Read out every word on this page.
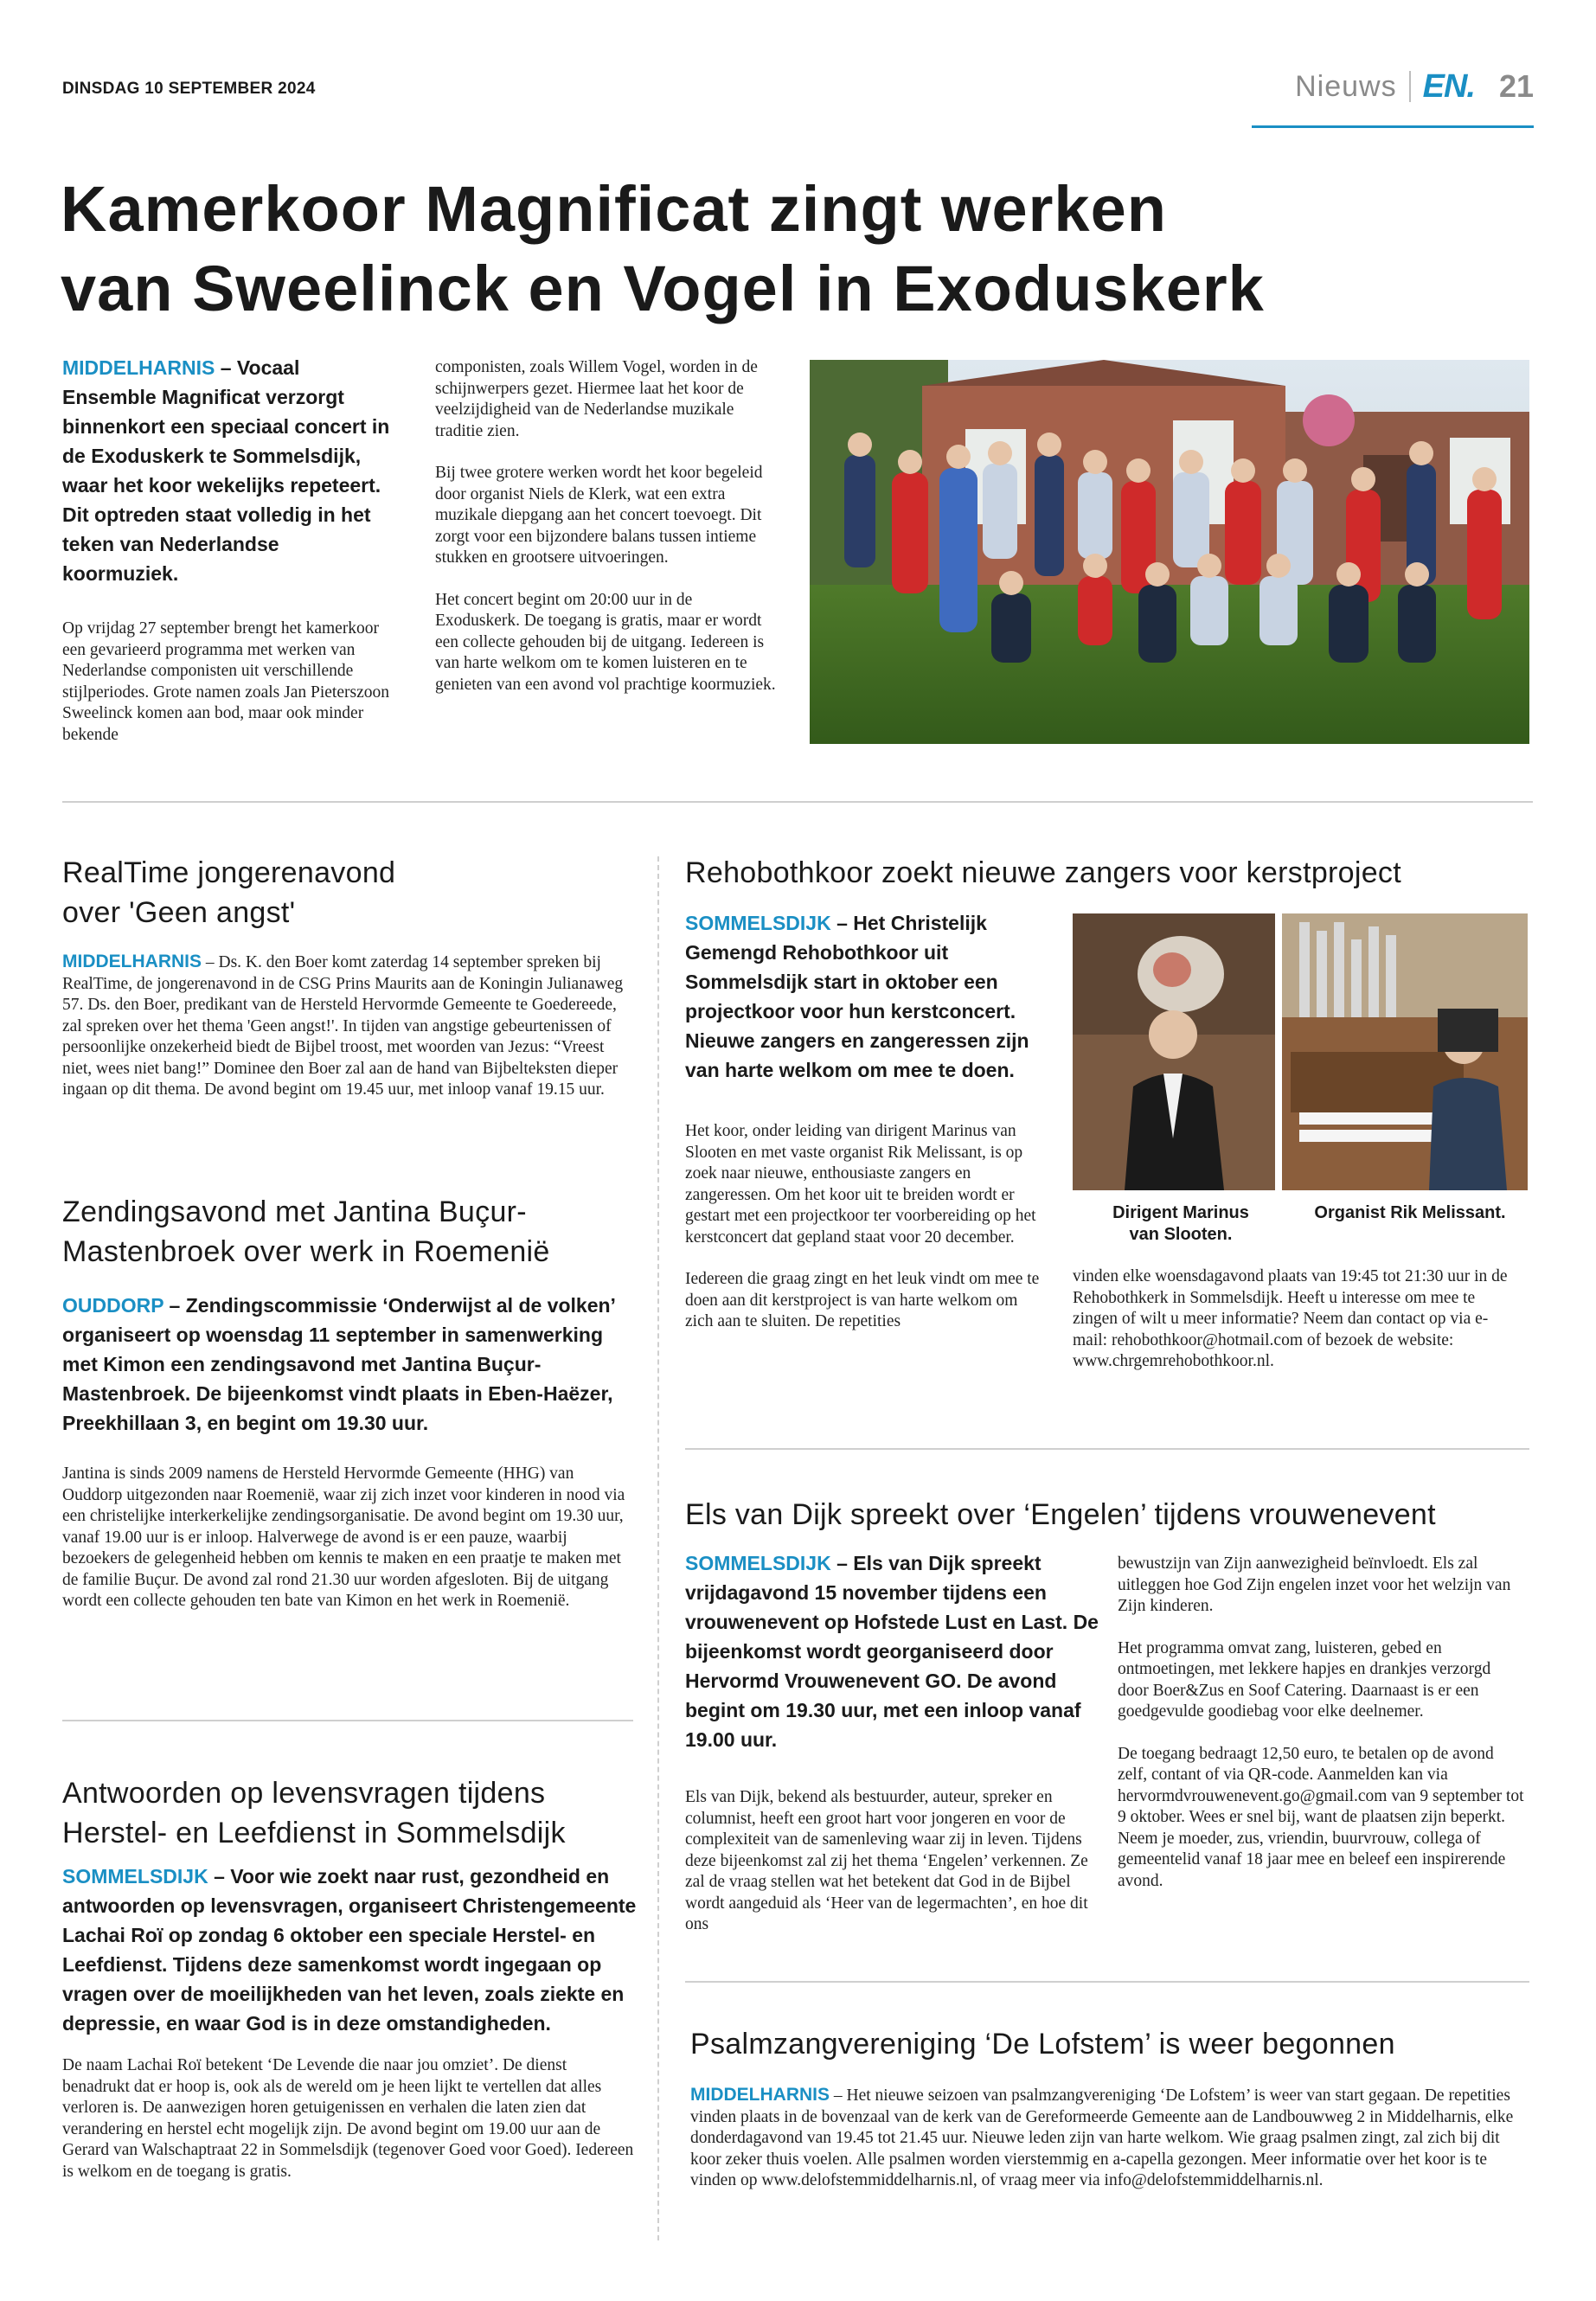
DINSDAG 10 SEPTEMBER 2024	Nieuws EN. 21
Kamerkoor Magnificat zingt werken
van Sweelinck en Vogel in Exoduskerk

MIDDELHARNIS – Vocaal Ensemble Magnificat verzorgt binnenkort een speciaal concert in de Exoduskerk te Sommelsdijk, waar het koor wekelijks repeteert. Dit optreden staat volledig in het teken van Nederlandse koormuziek.

Op vrijdag 27 september brengt het kamerkoor een gevarieerd programma met werken van Nederlandse componisten uit verschillende stijlperiodes. Grote namen zoals Jan Pieterszoon Sweelinck komen aan bod, maar ook minder bekende

componisten, zoals Willem Vogel, worden in de schijnwerpers gezet. Hiermee laat het koor de veelzijdigheid van de Nederlandse muzikale traditie zien.

Bij twee grotere werken wordt het koor begeleid door organist Niels de Klerk, wat een extra muzikale diepgang aan het concert toevoegt. Dit zorgt voor een bijzondere balans tussen intieme stukken en grootsere uitvoeringen.

Het concert begint om 20:00 uur in de Exoduskerk. De toegang is gratis, maar er wordt een collecte gehouden bij de uitgang. Iedereen is van harte welkom om te komen luisteren en te genieten van een avond vol prachtige koormuziek.

RealTime jongerenavond
over 'Geen angst'

MIDDELHARNIS – Ds. K. den Boer komt zaterdag 14 september spreken bij RealTime, de jongerenavond in de CSG Prins Maurits aan de Koningin Julianaweg 57. Ds. den Boer, predikant van de Hersteld Hervormde Gemeente te Goedereede, zal spreken over het thema 'Geen angst!'. In tijden van angstige gebeurtenissen of persoonlijke onzekerheid biedt de Bijbel troost, met woorden van Jezus: “Vreest niet, wees niet bang!” Dominee den Boer zal aan de hand van Bijbelteksten dieper ingaan op dit thema. De avond begint om 19.45 uur, met inloop vanaf 19.15 uur.

Zendingsavond met Jantina Buçur-
Mastenbroek over werk in Roemenië

OUDDORP – Zendingscommissie ‘Onderwijst al de volken’ organiseert op woensdag 11 september in samenwerking met Kimon een zendingsavond met Jantina Buçur-Mastenbroek. De bijeenkomst vindt plaats in Eben-Haëzer, Preekhillaan 3, en begint om 19.30 uur.

Jantina is sinds 2009 namens de Hersteld Hervormde Gemeente (HHG) van Ouddorp uitgezonden naar Roemenië, waar zij zich inzet voor kinderen in nood via een christelijke interkerkelijke zendingsorganisatie. De avond begint om 19.30 uur, vanaf 19.00 uur is er inloop. Halverwege de avond is er een pauze, waarbij bezoekers de gelegenheid hebben om kennis te maken en een praatje te maken met de familie Buçur. De avond zal rond 21.30 uur worden afgesloten. Bij de uitgang wordt een collecte gehouden ten bate van Kimon en het werk in Roemenië.

Antwoorden op levensvragen tijdens
Herstel- en Leefdienst in Sommelsdijk

SOMMELSDIJK – Voor wie zoekt naar rust, gezondheid en antwoorden op levensvragen, organiseert Christengemeente Lachai Roï op zondag 6 oktober een speciale Herstel- en Leefdienst. Tijdens deze samenkomst wordt ingegaan op vragen over de moeilijkheden van het leven, zoals ziekte en depressie, en waar God is in deze omstandigheden.

De naam Lachai Roï betekent ‘De Levende die naar jou omziet’. De dienst benadrukt dat er hoop is, ook als de wereld om je heen lijkt te vertellen dat alles verloren is. De aanwezigen horen getuigenissen en verhalen die laten zien dat verandering en herstel echt mogelijk zijn. De avond begint om 19.00 uur aan de Gerard van Walschaptraat 22 in Sommelsdijk (tegenover Goed voor Goed). Iedereen is welkom en de toegang is gratis.

Rehobothkoor zoekt nieuwe zangers voor kerstproject

SOMMELSDIJK – Het Christelijk Gemengd Rehobothkoor uit Sommelsdijk start in oktober een projectkoor voor hun kerstconcert. Nieuwe zangers en zangeressen zijn van harte welkom om mee te doen.

Het koor, onder leiding van dirigent Marinus van Slooten en met vaste organist Rik Melissant, is op zoek naar nieuwe, enthousiaste zangers en zangeressen. Om het koor uit te breiden wordt er gestart met een projectkoor ter voorbereiding op het kerstconcert dat gepland staat voor 20 december.

Iedereen die graag zingt en het leuk vindt om mee te doen aan dit kerstproject is van harte welkom om zich aan te sluiten. De repetities

Dirigent Marinus
van Slooten.
Organist Rik Melissant.

vinden elke woensdagavond plaats van 19:45 tot 21:30 uur in de Rehobothkerk in Sommelsdijk. Heeft u interesse om mee te zingen of wilt u meer informatie? Neem dan contact op via e-mail: rehobothkoor@hotmail.com of bezoek de website: www.chrgemrehobothkoor.nl.

Els van Dijk spreekt over ‘Engelen’ tijdens vrouwenevent

SOMMELSDIJK – Els van Dijk spreekt vrijdagavond 15 november tijdens een vrouwenevent op Hofstede Lust en Last. De bijeenkomst wordt georganiseerd door Hervormd Vrouwenevent GO. De avond begint om 19.30 uur, met een inloop vanaf 19.00 uur.

Els van Dijk, bekend als bestuurder, auteur, spreker en columnist, heeft een groot hart voor jongeren en voor de complexiteit van de samenleving waar zij in leven. Tijdens deze bijeenkomst zal zij het thema ‘Engelen’ verkennen. Ze zal de vraag stellen wat het betekent dat God in de Bijbel wordt aangeduid als ‘Heer van de legermachten’, en hoe dit ons

bewustzijn van Zijn aanwezigheid beïnvloedt. Els zal uitleggen hoe God Zijn engelen inzet voor het welzijn van Zijn kinderen.

Het programma omvat zang, luisteren, gebed en ontmoetingen, met lekkere hapjes en drankjes verzorgd door Boer&Zus en Soof Catering. Daarnaast is er een goedgevulde goodiebag voor elke deelnemer.

De toegang bedraagt 12,50 euro, te betalen op de avond zelf, contant of via QR-code. Aanmelden kan via hervormdvrouwenevent.go@gmail.com van 9 september tot 9 oktober. Wees er snel bij, want de plaatsen zijn beperkt. Neem je moeder, zus, vriendin, buurvrouw, collega of gemeentelid vanaf 18 jaar mee en beleef een inspirerende avond.

Psalmzangvereniging ‘De Lofstem’ is weer begonnen

MIDDELHARNIS – Het nieuwe seizoen van psalmzangvereniging ‘De Lofstem’ is weer van start gegaan. De repetities vinden plaats in de bovenzaal van de kerk van de Gereformeerde Gemeente aan de Landbouwweg 2 in Middelharnis, elke donderdagavond van 19.45 tot 21.45 uur. Nieuwe leden zijn van harte welkom. Wie graag psalmen zingt, zal zich bij dit koor zeker thuis voelen. Alle psalmen worden vierstemmig en a-capella gezongen. Meer informatie over het koor is te vinden op www.delofstemmiddelharnis.nl, of vraag meer via info@delofstemmiddelharnis.nl.
